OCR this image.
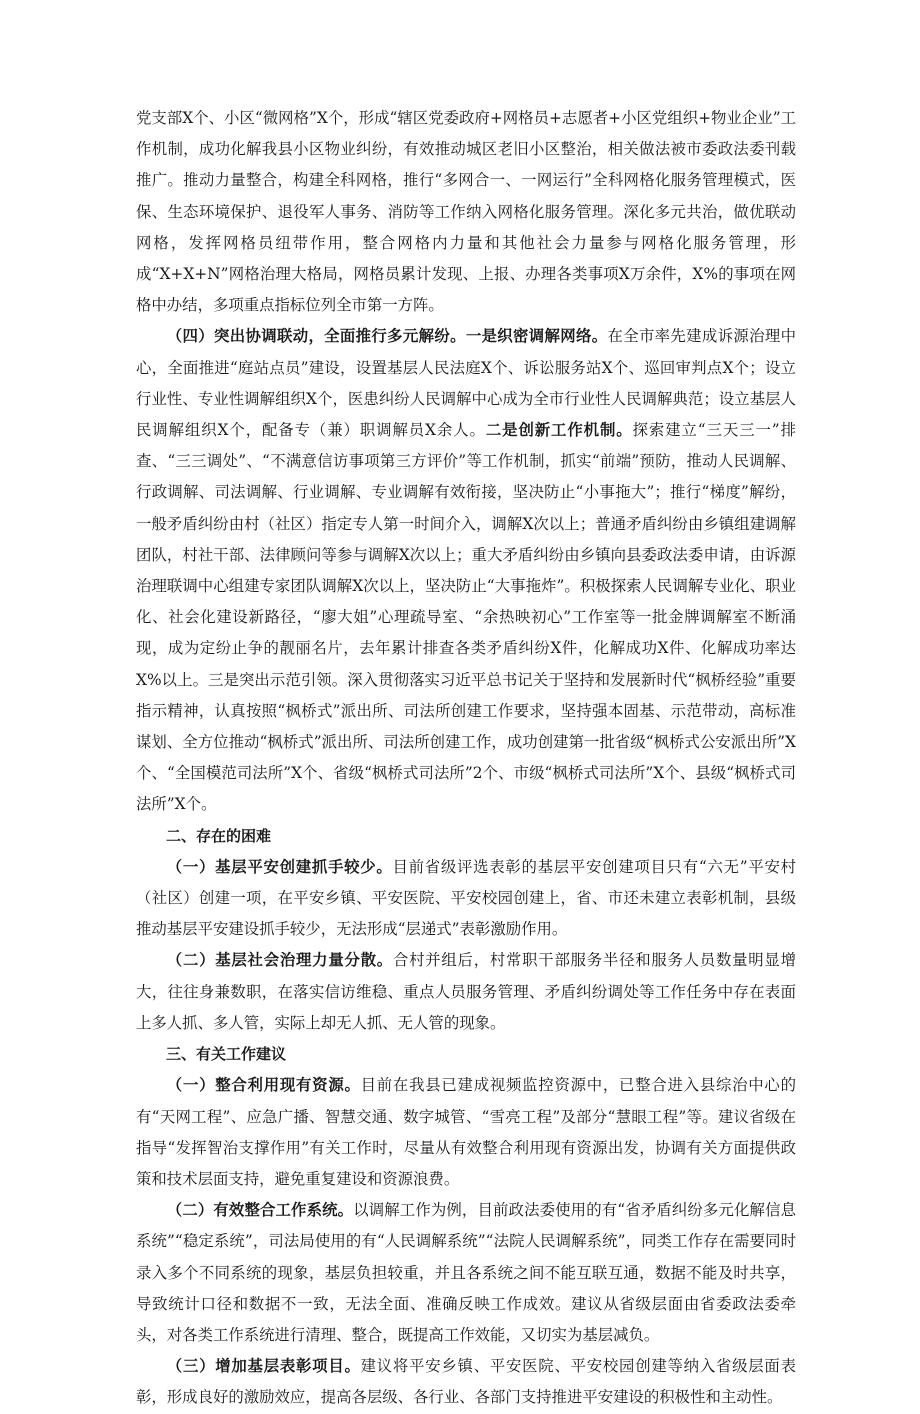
党支部X个、小区“微网格”X个，形成“辖区党委政府+网格员+志愿者+小区党组织+物业企业”工作机制，成功化解我县小区物业纠纷，有效推动城区老旧小区整治，相关做法被市委政法委刊载推广。推动力量整合，构建全科网格，推行“多网合一、一网运行”全科网格化服务管理模式，医保、生态环境保护、退役军人事务、消防等工作纳入网格化服务管理。深化多元共治，做优联动网格，发挥网格员纽带作用，整合网格内力量和其他社会力量参与网格化服务管理，形成“X+X+N”网格治理大格局，网格员累计发现、上报、办理各类事项X万余件，X%的事项在网格中办结，多项重点指标位列全市第一方阵。

（四）突出协调联动，全面推行多元解纷。一是织密调解网络。在全市率先建成诉源治理中心，全面推进“庭站点员”建设，设置基层人民法庭X个、诉讼服务站X个、巡回审判点X个；设立行业性、专业性调解组织X个，医患纠纷人民调解中心成为全市行业性人民调解典范；设立基层人民调解组织X个，配备专（兼）职调解员X余人。二是创新工作机制。探索建立“三天三一”排查、“三三调处”、“不满意信访事项第三方评价”等工作机制，抓实“前端”预防，推动人民调解、行政调解、司法调解、行业调解、专业调解有效衔接，坚决防止“小事拖大”；推行“梯度”解纷，一般矛盾纠纷由村（社区）指定专人第一时间介入，调解X次以上；普通矛盾纠纷由乡镇组建调解团队，村社干部、法律顾问等参与调解X次以上；重大矛盾纠纷由乡镇向县委政法委申请，由诉源治理联调中心组建专家团队调解X次以上，坚决防止“大事拖炸”。积极探索人民调解专业化、职业化、社会化建设新路径，“廖大姐”心理疏导室、“余热映初心”工作室等一批金牌调解室不断涌现，成为定纷止争的靓丽名片，去年累计排查各类矛盾纠纷X件，化解成功X件、化解成功率达X%以上。三是突出示范引领。深入贯彻落实习近平总书记关于坚持和发展新时代“枫桥经验”重要指示精神，认真按照“枫桥式”派出所、司法所创建工作要求，坚持强本固基、示范带动，高标准谋划、全方位推动“枫桥式”派出所、司法所创建工作，成功创建第一批省级“枫桥式公安派出所”X个、“全国模范司法所”X个、省级“枫桥式司法所”2个、市级“枫桥式司法所”X个、县级“枫桥式司法所”X个。

二、存在的困难

（一）基层平安创建抓手较少。目前省级评选表彰的基层平安创建项目只有“六无”平安村（社区）创建一项，在平安乡镇、平安医院、平安校园创建上，省、市还未建立表彰机制，县级推动基层平安建设抓手较少，无法形成“层递式”表彰激励作用。

（二）基层社会治理力量分散。合村并组后，村常职干部服务半径和服务人员数量明显增大，往往身兼数职，在落实信访维稳、重点人员服务管理、矛盾纠纷调处等工作任务中存在表面上多人抓、多人管，实际上却无人抓、无人管的现象。

三、有关工作建议

（一）整合利用现有资源。目前在我县已建成视频监控资源中，已整合进入县综治中心的有“天网工程”、应急广播、智慧交通、数字城管、“雪亮工程”及部分“慧眼工程”等。建议省级在指导“发挥智治支撑作用”有关工作时，尽量从有效整合利用现有资源出发，协调有关方面提供政策和技术层面支持，避免重复建设和资源浪费。

（二）有效整合工作系统。以调解工作为例，目前政法委使用的有“省矛盾纠纷多元化解信息系统”“稳定系统”，司法局使用的有“人民调解系统”“法院人民调解系统”，同类工作存在需要同时录入多个不同系统的现象，基层负担较重，并且各系统之间不能互联互通，数据不能及时共享，导致统计口径和数据不一致，无法全面、准确反映工作成效。建议从省级层面由省委政法委牵头，对各类工作系统进行清理、整合，既提高工作效能，又切实为基层减负。

（三）增加基层表彰项目。建议将平安乡镇、平安医院、平安校园创建等纳入省级层面表彰，形成良好的激励效应，提高各层级、各行业、各部门支持推进平安建设的积极性和主动性。
